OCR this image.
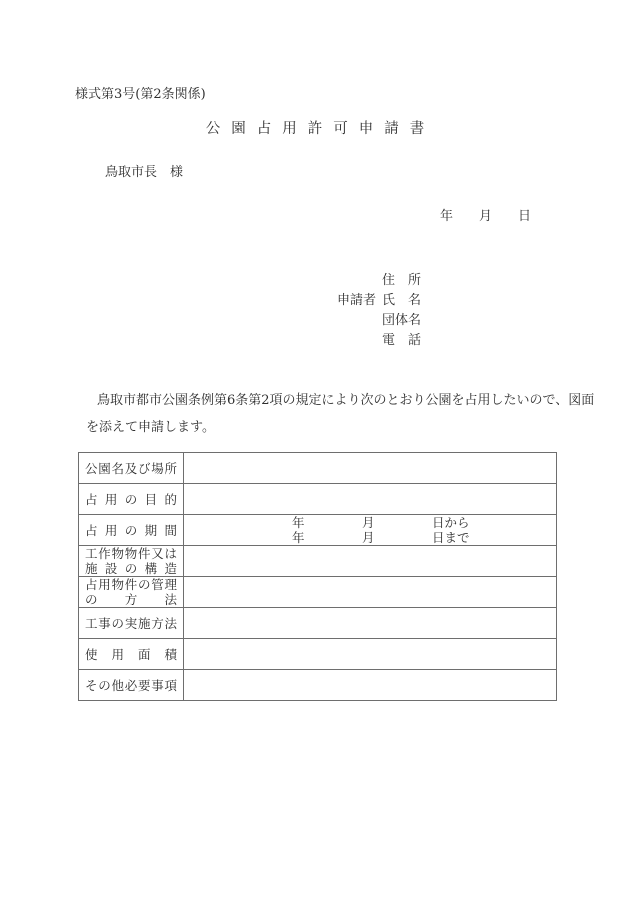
様式第3号(第2条関係)
公園占用許可申請書
鳥取市長　様
年　　月　　日
住　所
申請者 氏　名
団体名
電　話
鳥取市都市公園条例第6条第2項の規定により次のとおり公園を占用したいので、図面
を添えて申請します。
公園名及び場所	

占用の目的	

占用の期間	年 月 日から
年 月 日まで

工作物物件又は
施設の構造	

占用物件の管理
の方法	

工事の実施方法	

使用面積	

その他必要事項	
